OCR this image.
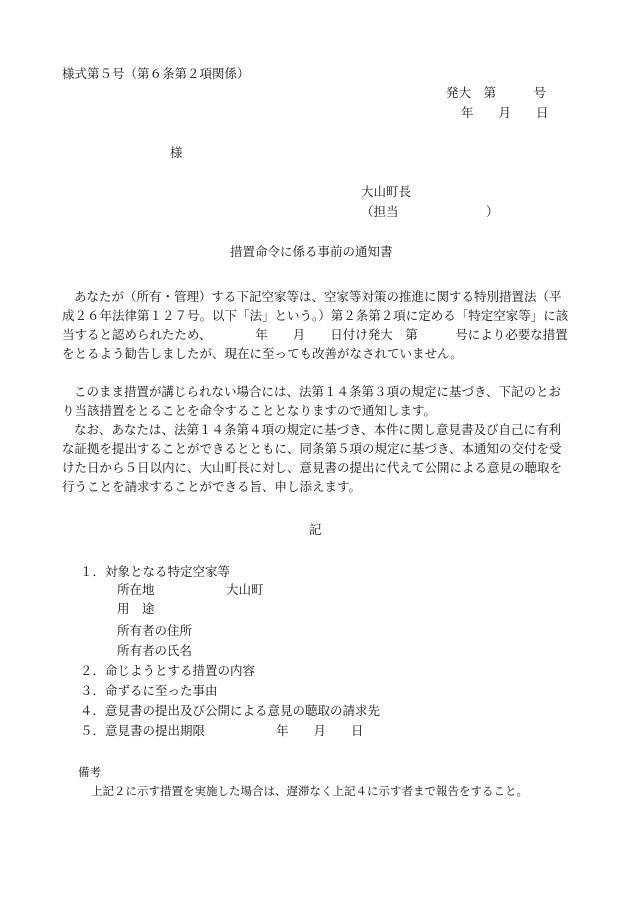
様式第５号（第６条第２項関係）
発大　第　　　号
年　　月　　日
様
大山町長
（担当　　　　　　　）
措置命令に係る事前の通知書
あなたが（所有・管理）する下記空家等は、空家等対策の推進に関する特別措置法（平成２６年法律第１２７号。以下「法」という。）第２条第２項に定める「特定空家等」に該当すると認められたため、　　　　年　　月　　日付け発大　第　　　号により必要な措置をとるよう勧告しましたが、現在に至っても改善がなされていません。
このまま措置が講じられない場合には、法第１４条第３項の規定に基づき、下記のとおり当該措置をとることを命令することとなりますので通知します。
なお、あなたは、法第１４条第４項の規定に基づき、本件に関し意見書及び自己に有利な証拠を提出することができるとともに、同条第５項の規定に基づき、本通知の交付を受けた日から５日以内に、大山町長に対し、意見書の提出に代えて公開による意見の聴取を行うことを請求することができる旨、申し添えます。
記
１．対象となる特定空家等
所在地	大山町
用　途
所有者の住所
所有者の氏名
２．命じようとする措置の内容
３．命ずるに至った事由
４．意見書の提出及び公開による意見の聴取の請求先
５．意見書の提出期限	年　　月　　日
備考
上記２に示す措置を実施した場合は、遅滞なく上記４に示す者まで報告をすること。
